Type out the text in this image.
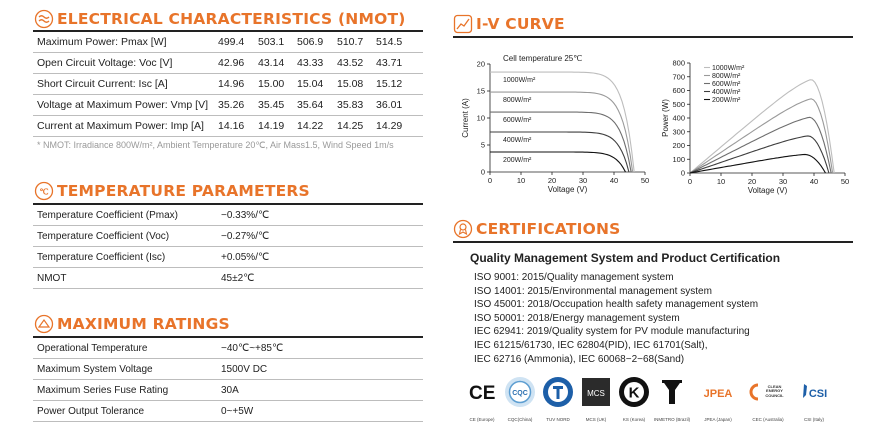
ELECTRICAL CHARACTERISTICS (NMOT)
Maximum Power: Pmax [W]	499.4	503.1	506.9	510.7	514.5
Open Circuit Voltage: Voc [V]	42.96	43.14	43.33	43.52	43.71
Short Circuit Current: Isc [A]	14.96	15.00	15.04	15.08	15.12
Voltage at Maximum Power: Vmp [V] 35.26	35.45	35.64	35.83	36.01
Current at Maximum Power: Imp [A] 14.16	14.19	14.22	14.25	14.29
* NMOT: Irradiance 800W/m², Ambient Temperature 20℃, Air Mass1.5, Wind Speed 1m/s
℃ TEMPERATURE PARAMETERS
Temperature Coefficient (Pmax)	−0.33%/℃
Temperature Coefficient (Voc)	−0.27%/℃
Temperature Coefficient (Isc)	+0.05%/℃
NMOT	45±2℃
MAXIMUM RATINGS
Operational Temperature	−40℃~+85℃
Maximum System Voltage	1500V DC
Maximum Series Fuse Rating	30A
Power Output Tolerance	0~+5W
I-V CURVE
0	10	20	30	40	50
0
5
10
15
20
Voltage (V)
Current (A)
Cell temperature 25℃
1000W/m²
800W/m²
600W/m²
400W/m²
200W/m²
0	10	20	30	40	50
0
100
200
300
400
500
600
700
800
Voltage (V)
Power (W)
1000W/m²
800W/m²
600W/m²
400W/m²
200W/m²
CERTIFICATIONS
Quality Management System and Product Certification
ISO 9001: 2015/Quality management system
ISO 14001: 2015/Environmental management system
ISO 45001: 2018/Occupation health safety management system
ISO 50001: 2018/Energy management system
IEC 62941: 2019/Quality system for PV module manufacturing
IEC 61215/61730, IEC 62804(PID), IEC 61701(Salt),
IEC 62716 (Ammonia), IEC 60068−2−68(Sand)
CE
CE (Europe)
CQC
CQC(China)	TUV NORD
MCS
MCS (UK)
K
KS (Korea)	INMETRO (Brazil)
JPEA
JPEA (Japan)
CLEAN ENERGY COUNCIL
CEC (Australia)
CSI
CSI (Italy)
